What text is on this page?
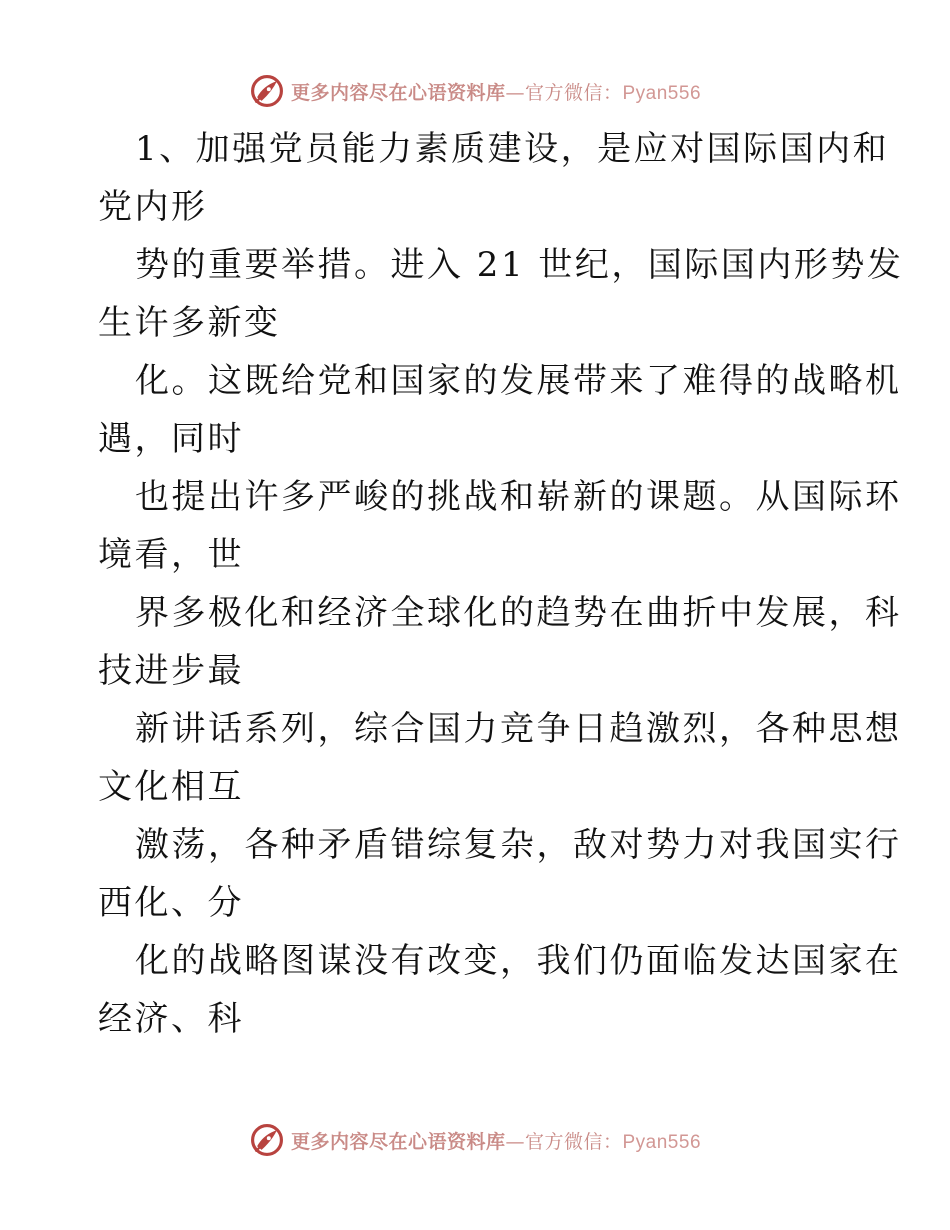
更多内容尽在心语资料库—官方微信：Pyan556
1、加强党员能力素质建设，是应对国际国内和
党内形
势的重要举措。进入 21 世纪，国际国内形势发
生许多新变
化。这既给党和国家的发展带来了难得的战略机
遇，同时
也提出许多严峻的挑战和崭新的课题。从国际环
境看，世
界多极化和经济全球化的趋势在曲折中发展，科
技进步最
新讲话系列，综合国力竞争日趋激烈，各种思想
文化相互
激荡，各种矛盾错综复杂，敌对势力对我国实行
西化、分
化的战略图谋没有改变，我们仍面临发达国家在
经济、科
更多内容尽在心语资料库—官方微信：Pyan556
